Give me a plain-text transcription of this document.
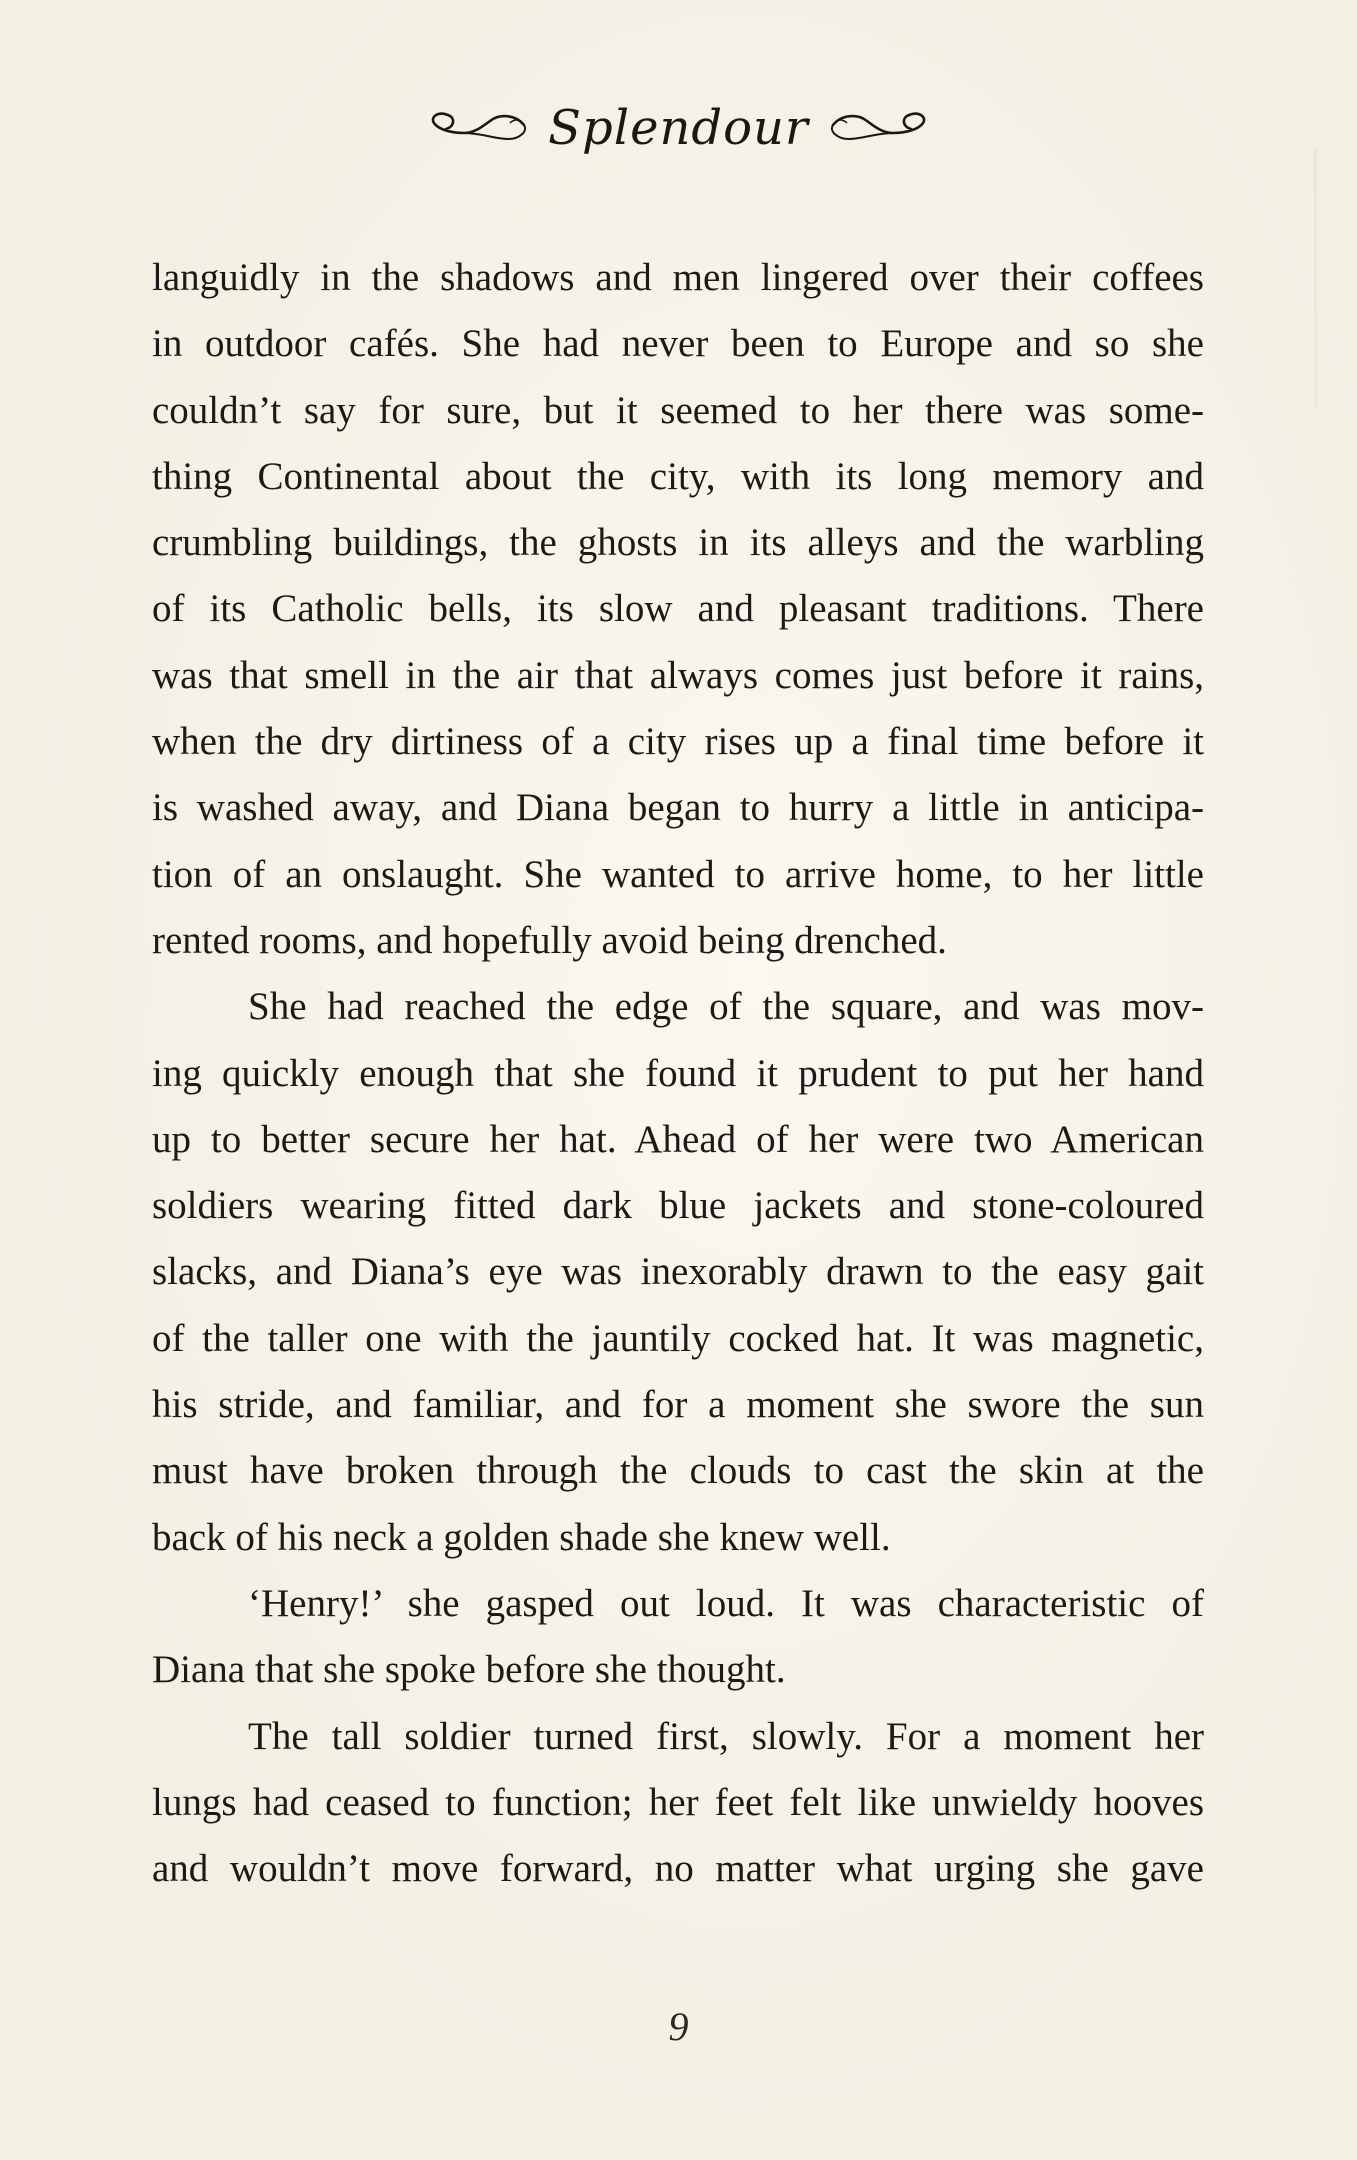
Splendour
languidly in the shadows and men lingered over their coffees
in outdoor cafés. She had never been to Europe and so she
couldn’t say for sure, but it seemed to her there was some-
thing Continental about the city, with its long memory and
crumbling buildings, the ghosts in its alleys and the warbling
of its Catholic bells, its slow and pleasant traditions. There
was that smell in the air that always comes just before it rains,
when the dry dirtiness of a city rises up a final time before it
is washed away, and Diana began to hurry a little in anticipa-
tion of an onslaught. She wanted to arrive home, to her little
rented rooms, and hopefully avoid being drenched.
She had reached the edge of the square, and was mov-
ing quickly enough that she found it prudent to put her hand
up to better secure her hat. Ahead of her were two American
soldiers wearing fitted dark blue jackets and stone-coloured
slacks, and Diana’s eye was inexorably drawn to the easy gait
of the taller one with the jauntily cocked hat. It was magnetic,
his stride, and familiar, and for a moment she swore the sun
must have broken through the clouds to cast the skin at the
back of his neck a golden shade she knew well.
‘Henry!’ she gasped out loud. It was characteristic of
Diana that she spoke before she thought.
The tall soldier turned first, slowly. For a moment her
lungs had ceased to function; her feet felt like unwieldy hooves
and wouldn’t move forward, no matter what urging she gave
9
